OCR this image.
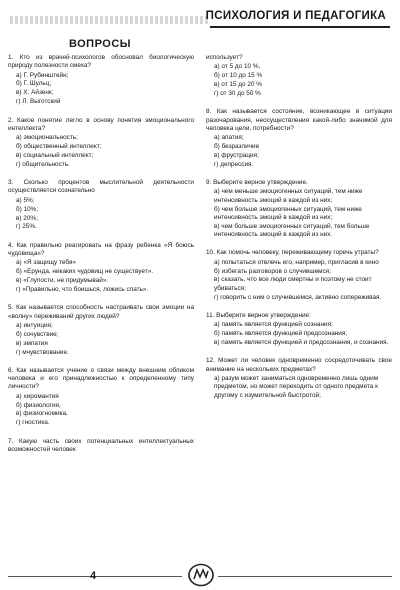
ПСИХОЛОГИЯ И ПЕДАГОГИКА
ВОПРОСЫ
1. Кто из врачей-психологов обосновал биологическую природу полезности смеха?
а) Г. Рубинштейн;
б) Г. Шульц;
в) Х. Айзенк;
г) Л. Выготский
2. Какое понятие легло в основу понятия эмоционального интеллекта?
а) эмоциональность;
б) общественный интеллект;
в) социальный интеллект;
г) общительность.
3. Сколько процентов мыслительной деятельности осуществляется сознательно
а) 5%;
б) 10%;
в) 20%;
г) 25%.
4. Как правильно реагировать на фразу ребенка «Я боюсь чудовища»?
а) «Я защищу тебя»
б) «Ерунда, никаких чудовищ не существует».
в) «Глупости, не придумывай».
г) «Правильно, что боишься, ложись спать».
5. Как называется способность настраивать свои эмоции на «волну» переживаний других людей?
а) интуиция;
б) сочувствие;
в) эмпатия
г) мчувствование.
6. Как называется учение о связи между внешним обликом человека и его принадлежностью к определенному типу личности?
а) хиромантия
б) физиология,
в) физиогномика,
г) гностика.
7. Какую часть своих потенциальных интеллектуальных возможностей человек
использует?
а) от 5 до 10 %,
б) от 10 до 15 %
в) от 15 до 20 %
г) от 30 до 50 %
8. Как называется состояние, возникающее в ситуации разочарования, неосуществления какой-либо значимой для человека цели, потребности?
а) апатия;
б) безразличие
в) фрустрация;
г) депрессия.
9. Выберите верное утверждение.
а) чем меньше эмоциогенных ситуаций, тем ниже интенсивность эмоций в каждой из них;
б) чем больше эмоциогенных ситуаций, тем ниже интенсивность эмоций в каждой из них;
в) чем больше эмоциогенных ситуаций, тем больше интенсивность эмоций в каждой из них.
10. Как помочь человеку, переживающему горечь утраты?
а) попытаться отвлечь его, например, пригласив в кино
б) избегать разговоров о случившемся;
в) сказать, что все люди смертны и поэтому не стоит убиваться;
г) говорить с ним о случившемся, активно сопереживая.
11. Выберите верное утверждение:
а) память является функцией сознания;
б) память является функцией предсознания;
в) память является функцией и предсознания, и сознания.
12. Может ли человек одновременно сосредоточивать свое внимание на нескольких предметах?
а) разум может заниматься одновременно лишь одним предметом, но может переходить от одного предмета к другому с изумительной быстротой;
4
